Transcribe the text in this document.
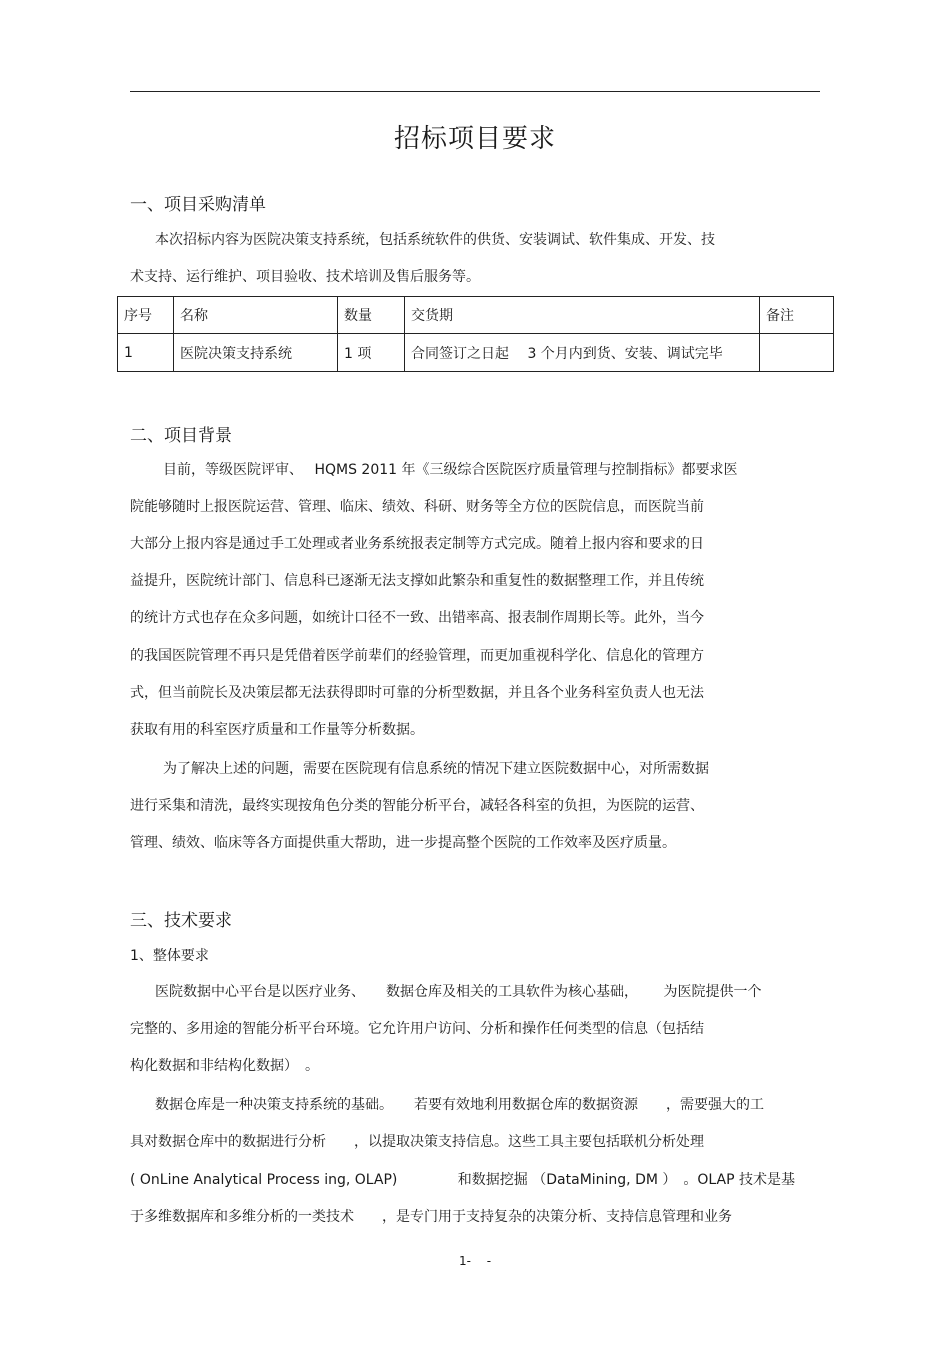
招标项目要求
一、项目采购清单
本次招标内容为医院决策支持系统，包括系统软件的供货、安装调试、软件集成、开发、技
术支持、运行维护、项目验收、技术培训及售后服务等。
序号	名称	数量	交货期	备注
1	医院决策支持系统	1 项	合同签订之日起　 3 个月内到货、安装、调试完毕	
二、项目背景
目前，等级医院评审、　 HQMS 2011 年《三级综合医院医疗质量管理与控制指标》都要求医
院能够随时上报医院运营、管理、临床、绩效、科研、财务等全方位的医院信息，而医院当前
大部分上报内容是通过手工处理或者业务系统报表定制等方式完成。随着上报内容和要求的日
益提升，医院统计部门、信息科已逐渐无法支撑如此繁杂和重复性的数据整理工作，并且传统
的统计方式也存在众多问题，如统计口径不一致、出错率高、报表制作周期长等。此外，当今
的我国医院管理不再只是凭借着医学前辈们的经验管理，而更加重视科学化、信息化的管理方
式，但当前院长及决策层都无法获得即时可靠的分析型数据，并且各个业务科室负责人也无法
获取有用的科室医疗质量和工作量等分析数据。
为了解决上述的问题，需要在医院现有信息系统的情况下建立医院数据中心，对所需数据
进行采集和清洗，最终实现按角色分类的智能分析平台，减轻各科室的负担，为医院的运营、
管理、绩效、临床等各方面提供重大帮助，进一步提高整个医院的工作效率及医疗质量。
三、技术要求
1、整体要求
医院数据中心平台是以医疗业务、　　数据仓库及相关的工具软件为核心基础，　　 为医院提供一个
完整的、多用途的智能分析平台环境。它允许用户访问、分析和操作任何类型的信息（包括结
构化数据和非结构化数据）　。
数据仓库是一种决策支持系统的基础。　　若要有效地利用数据仓库的数据资源　　，需要强大的工
具对数据仓库中的数据进行分析　　，以提取决策支持信息。这些工具主要包括联机分析处理
( OnLine Analytical Process ing, OLAP)　　　　 和数据挖掘 （DataMining, DM ）　。OLAP 技术是基
于多维数据库和多维分析的一类技术　　，是专门用于支持复杂的决策分析、支持信息管理和业务
1-　 -
